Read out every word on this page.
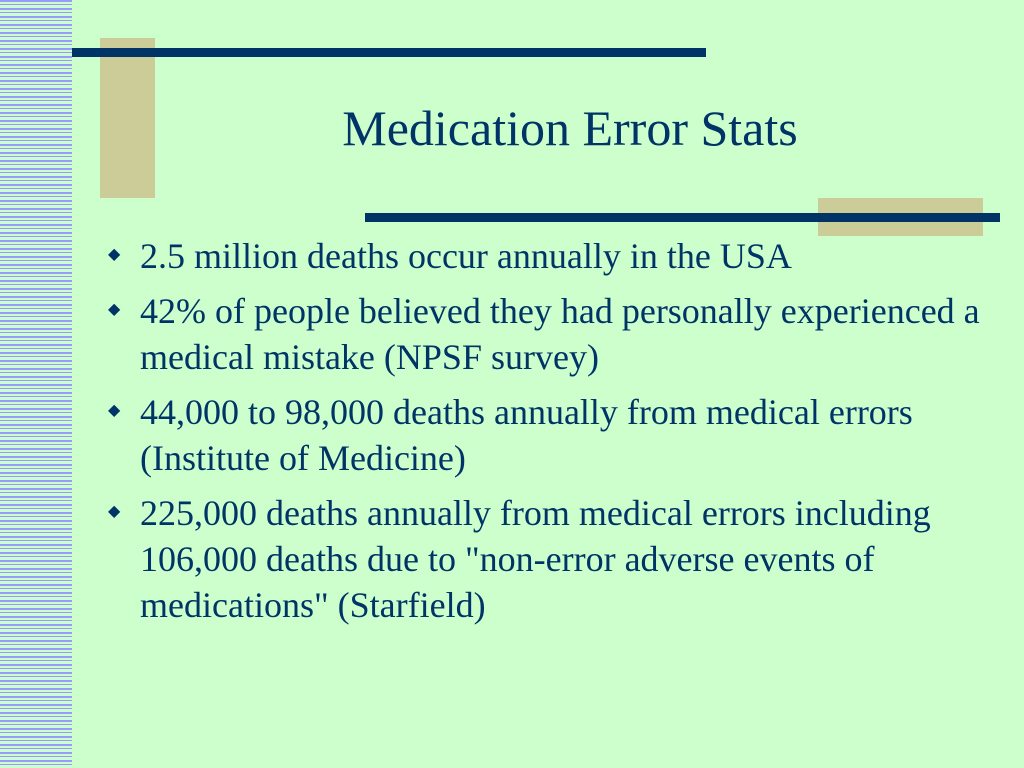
Medication Error Stats
◆ 2.5 million deaths occur annually in the USA
◆ 42% of people believed they had personally experienced a medical mistake (NPSF survey)
◆ 44,000 to 98,000 deaths annually from medical errors (Institute of Medicine)
◆ 225,000 deaths annually from medical errors including 106,000 deaths due to "non-error adverse events of medications" (Starfield)
